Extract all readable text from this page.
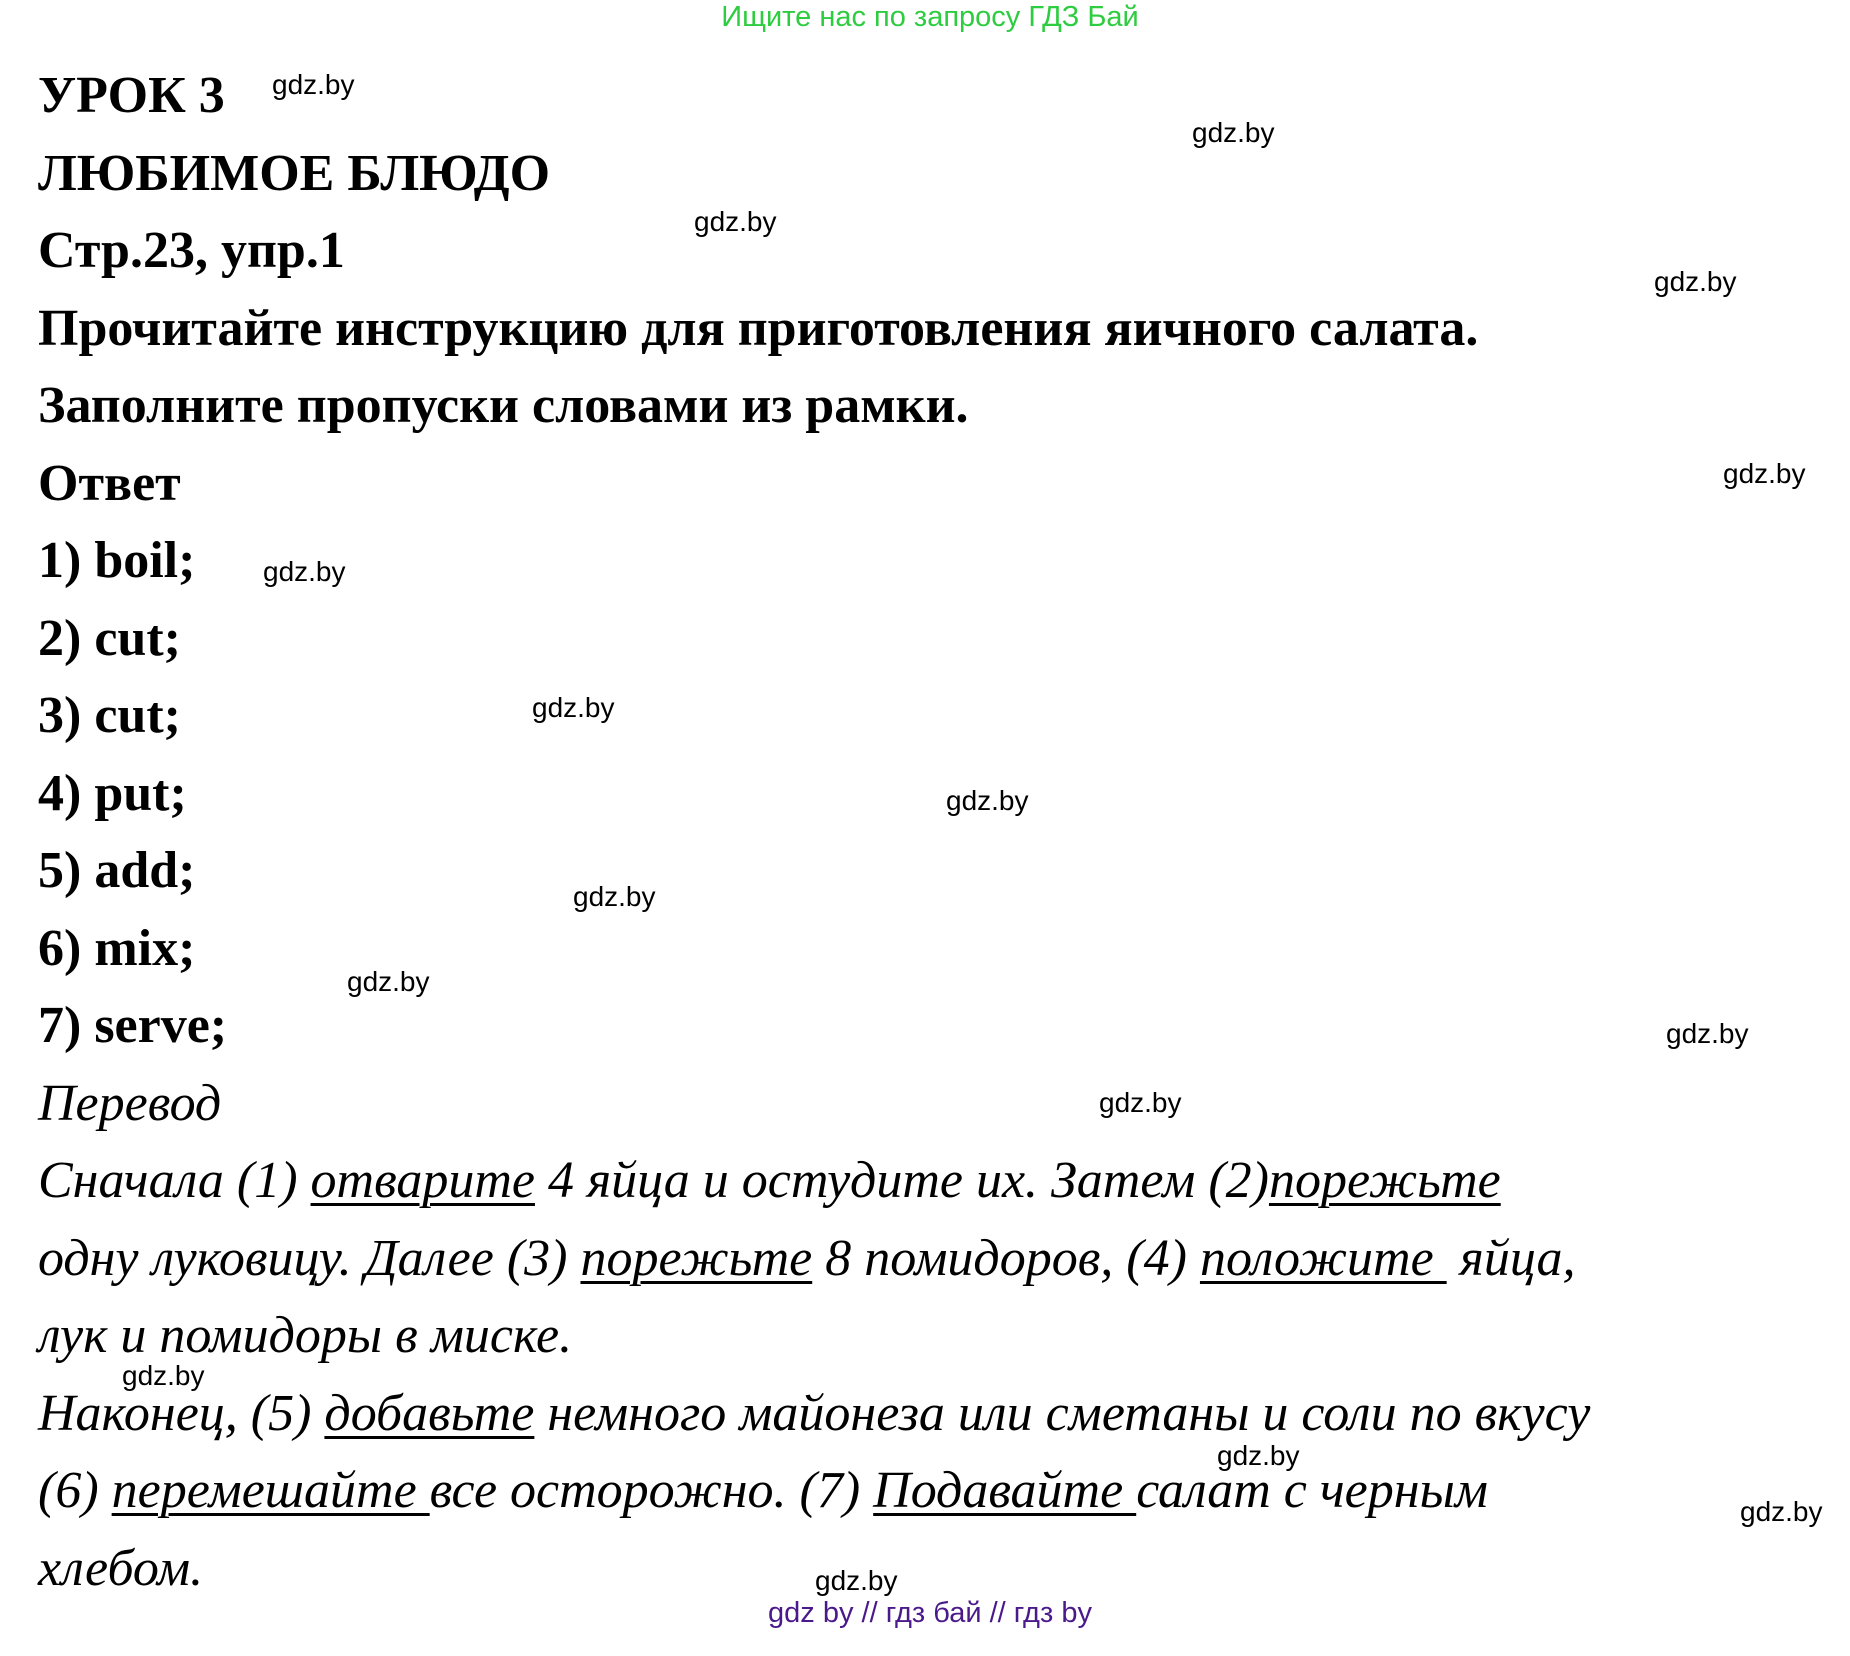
Ищите нас по запросу ГДЗ Бай
УРОК 3
ЛЮБИМОЕ БЛЮДО
Стр.23, упр.1
Прочитайте инструкцию для приготовления яичного салата.
Заполните пропуски словами из рамки.
Ответ
1) boil;
2) cut;
3) cut;
4) put;
5) add;
6) mix;
7) serve;
Перевод
Сначала (1) отварите 4 яйца и остудите их. Затем (2)порежьте
одну луковицу. Далее (3) порежьте 8 помидоров, (4) положите  яйца,
лук и помидоры в миске.
Наконец, (5) добавьте немного майонеза или сметаны и соли по вкусу
(6) перемешайте все осторожно. (7) Подавайте салат с черным
хлебом.
gdz.by
gdz.by
gdz.by
gdz.by
gdz.by
gdz.by
gdz.by
gdz.by
gdz.by
gdz.by
gdz.by
gdz.by
gdz.by
gdz.by
gdz.by
gdz.by
gdz by // гдз бай // гдз by
